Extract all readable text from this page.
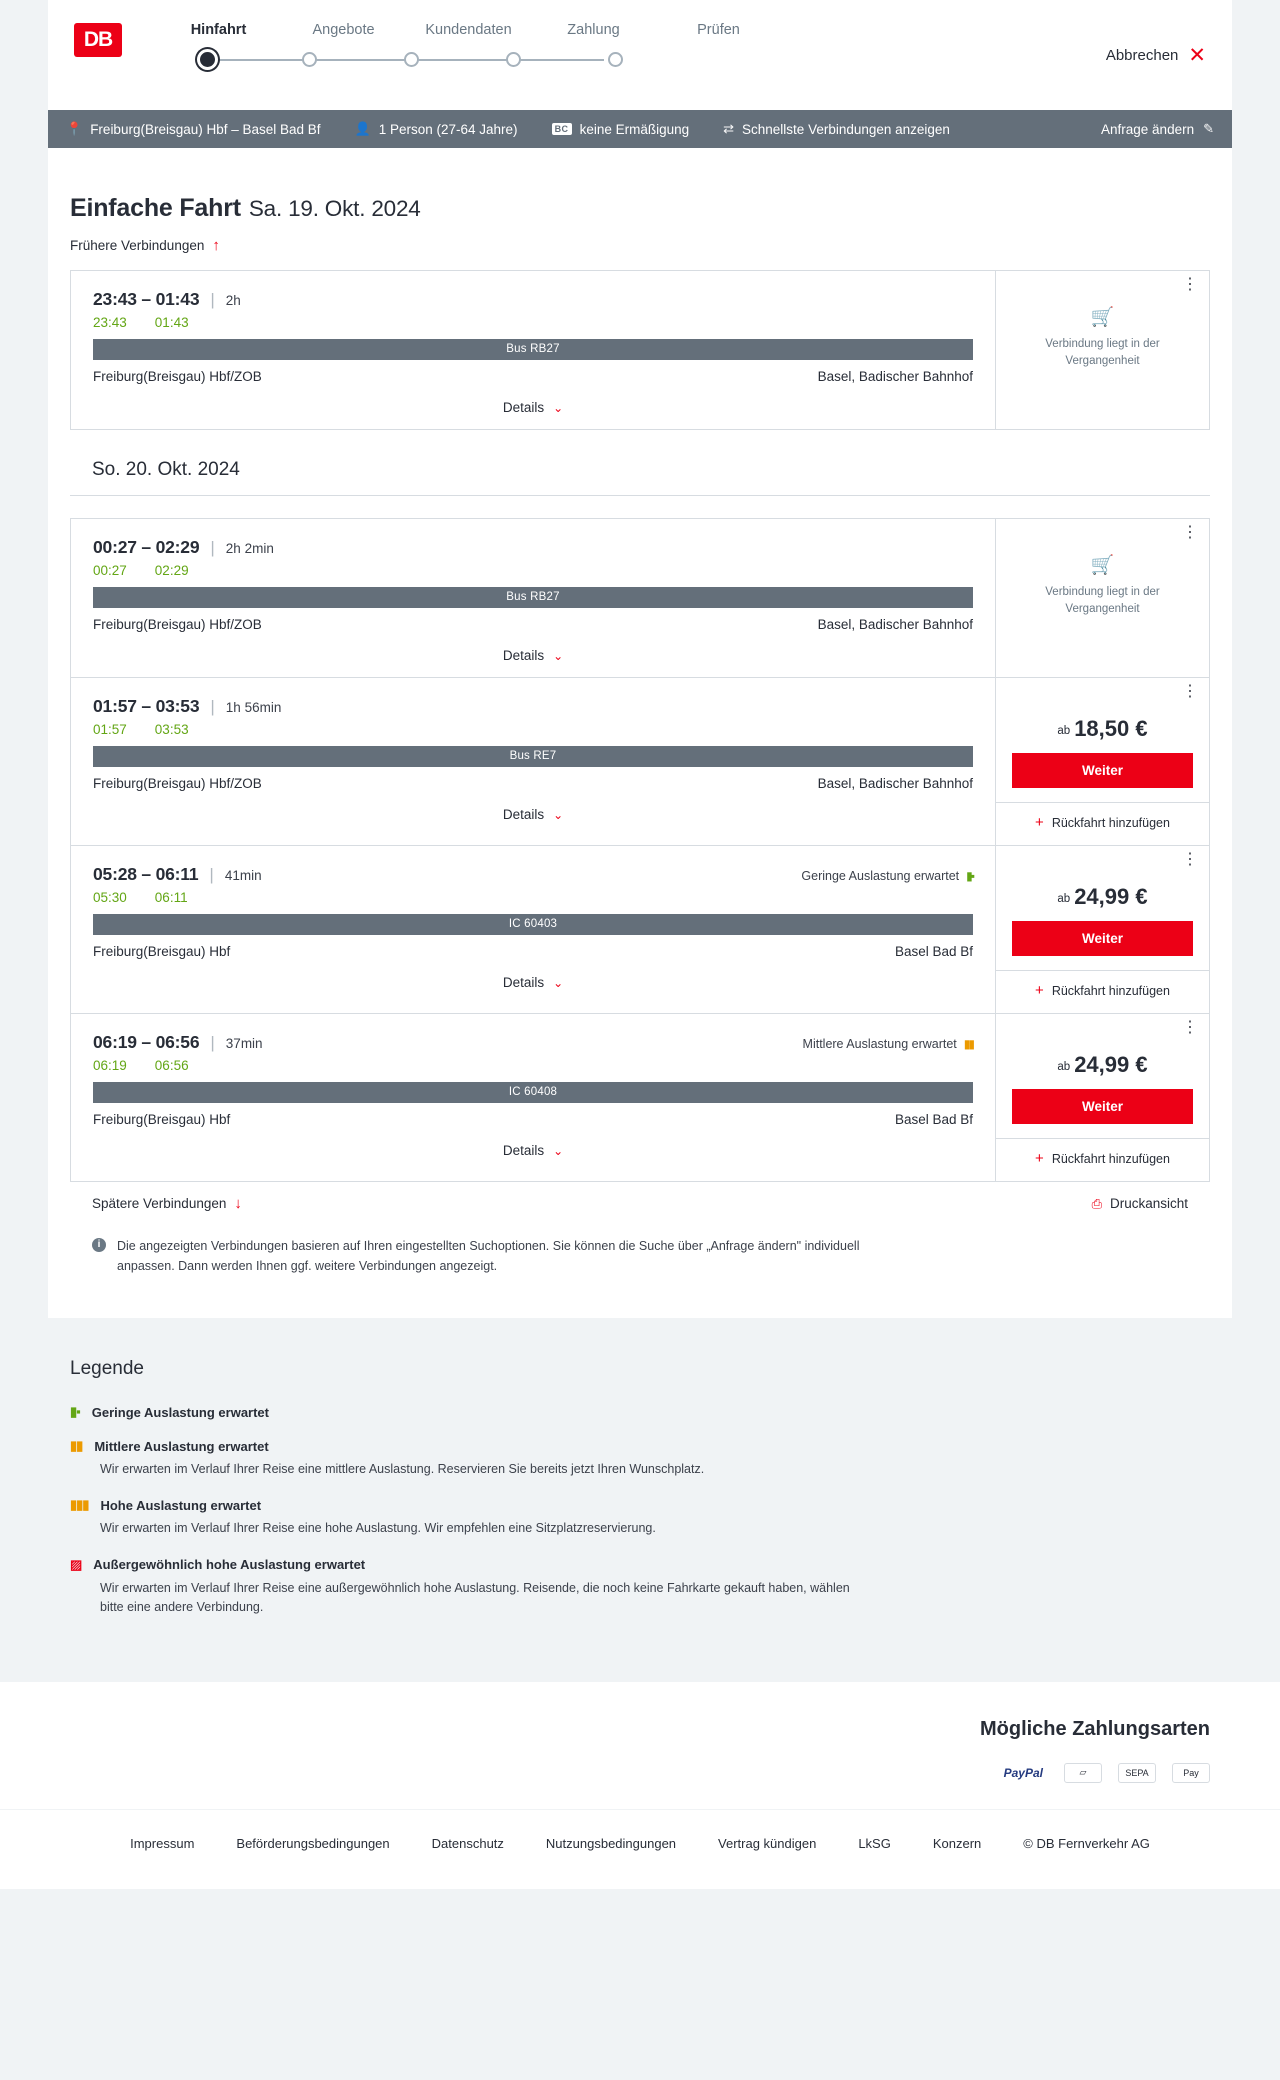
DB	Hinfahrt	Angebote	Kundendaten	Zahlung	Prüfen
Abbrechen ✕
📍 Freiburg(Breisgau) Hbf – Basel Bad Bf	👤 1 Person (27-64 Jahre)	BC keine Ermäßigung	⇄ Schnellste Verbindungen anzeigen	Anfrage ändern ✎
Einfache Fahrt Sa. 19. Okt. 2024
Frühere Verbindungen ↑
23:43 – 01:43 | 2h
23:43 01:43
Bus RB27
Freiburg(Breisgau) Hbf/ZOB	Basel, Badischer Bahnhof
Details ⌄
⋮
🛒
Verbindung liegt in der Vergangenheit
So. 20. Okt. 2024
00:27 – 02:29 | 2h 2min
00:27 02:29
Bus RB27
Freiburg(Breisgau) Hbf/ZOB	Basel, Badischer Bahnhof
Details ⌄
⋮
🛒
Verbindung liegt in der Vergangenheit
01:57 – 03:53 | 1h 56min
01:57 03:53
Bus RE7
Freiburg(Breisgau) Hbf/ZOB	Basel, Badischer Bahnhof
Details ⌄
⋮
ab 18,50 €
Weiter
+ Rückfahrt hinzufügen
05:28 – 06:11 | 41min	Geringe Auslastung erwartet ▮▪
05:30 06:11
IC 60403
Freiburg(Breisgau) Hbf	Basel Bad Bf
Details ⌄
⋮
ab 24,99 €
Weiter
+ Rückfahrt hinzufügen
06:19 – 06:56 | 37min	Mittlere Auslastung erwartet ▮▮
06:19 06:56
IC 60408
Freiburg(Breisgau) Hbf	Basel Bad Bf
Details ⌄
⋮
ab 24,99 €
Weiter
+ Rückfahrt hinzufügen
Spätere Verbindungen ↓	⎙ Druckansicht
i	Die angezeigten Verbindungen basieren auf Ihren eingestellten Suchoptionen. Sie können die Suche über „Anfrage ändern" individuell anpassen. Dann werden Ihnen ggf. weitere Verbindungen angezeigt.
Legende
▮▪ Geringe Auslastung erwartet
▮▮ Mittlere Auslastung erwartet
Wir erwarten im Verlauf Ihrer Reise eine mittlere Auslastung. Reservieren Sie bereits jetzt Ihren Wunschplatz.
▮▮▮ Hohe Auslastung erwartet
Wir erwarten im Verlauf Ihrer Reise eine hohe Auslastung. Wir empfehlen eine Sitzplatzreservierung.
▨ Außergewöhnlich hohe Auslastung erwartet
Wir erwarten im Verlauf Ihrer Reise eine außergewöhnlich hohe Auslastung. Reisende, die noch keine Fahrkarte gekauft haben, wählen bitte eine andere Verbindung.
Mögliche Zahlungsarten
PayPal	▱	SEPA	Pay
Impressum	Beförderungsbedingungen	Datenschutz	Nutzungsbedingungen	Vertrag kündigen	LkSG	Konzern	© DB Fernverkehr AG
